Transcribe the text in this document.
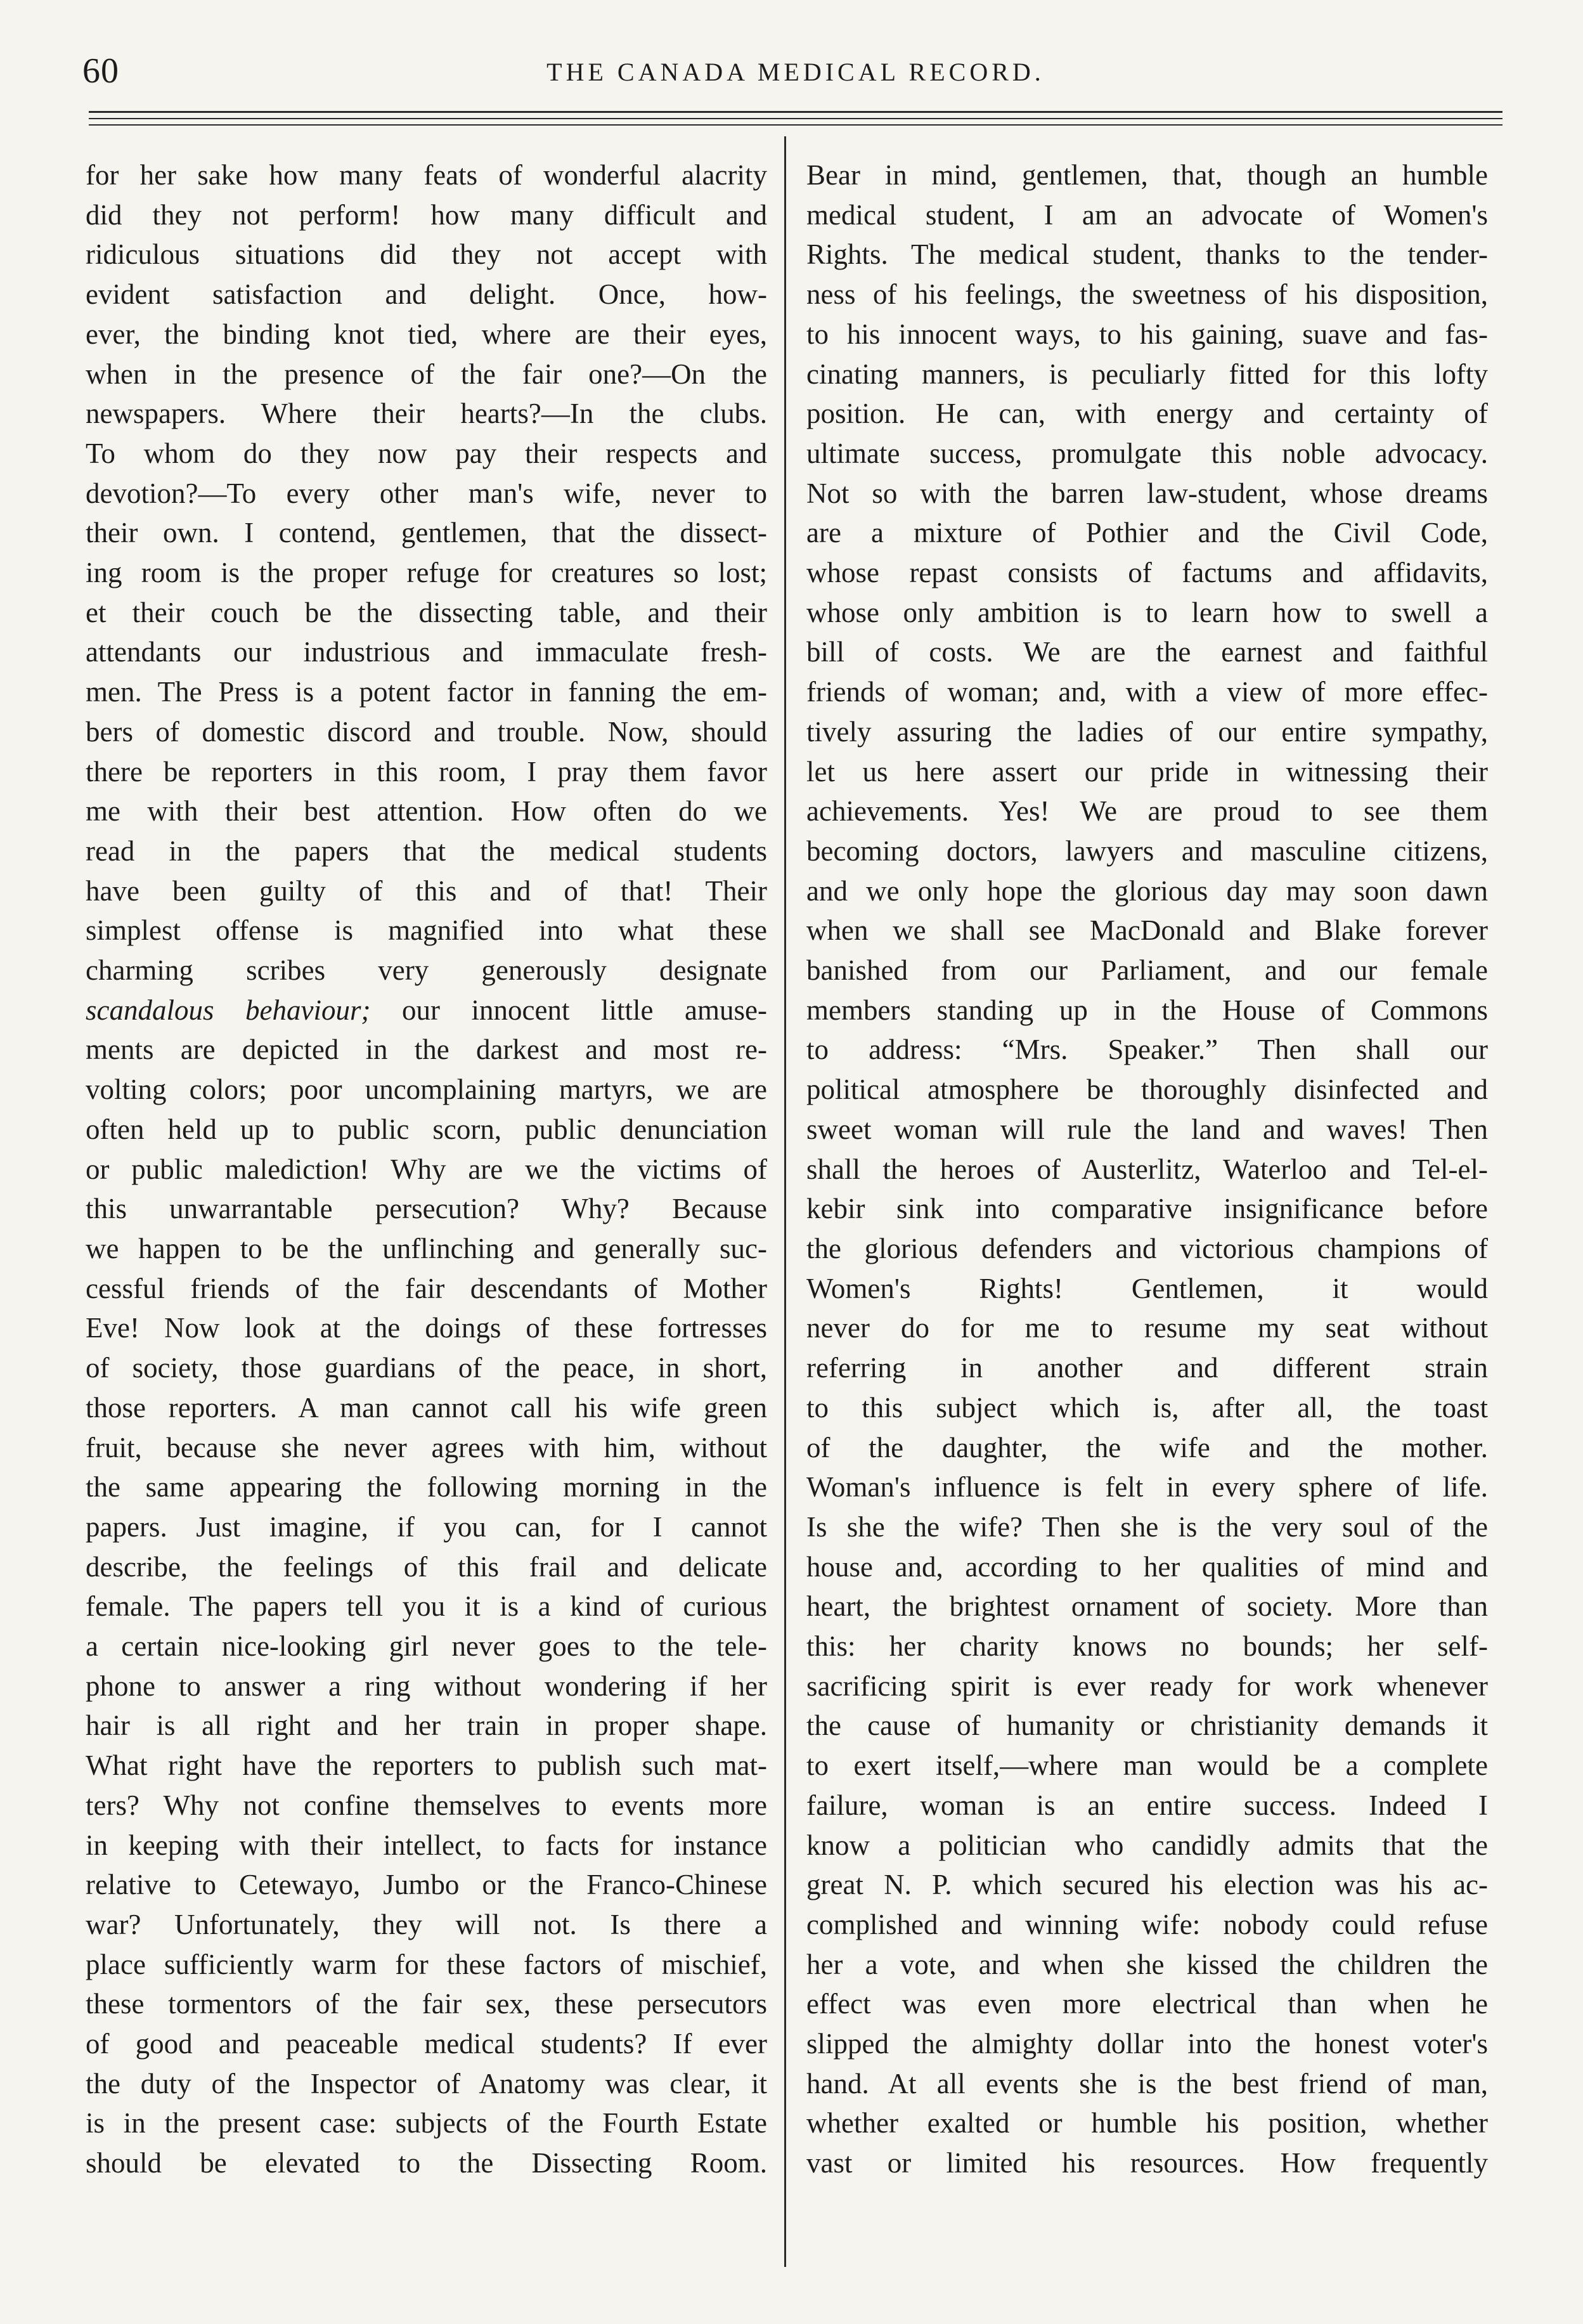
60	THE CANADA MEDICAL RECORD.
for her sake how many feats of wonderful alacrity
did they not perform! how many difficult and
ridiculous situations did they not accept with
evident satisfaction and delight. Once, how-
ever, the binding knot tied, where are their eyes,
when in the presence of the fair one?—On the
newspapers. Where their hearts?—In the clubs.
To whom do they now pay their respects and
devotion?—To every other man's wife, never to
their own. I contend, gentlemen, that the dissect-
ing room is the proper refuge for creatures so lost;
et their couch be the dissecting table, and their
attendants our industrious and immaculate fresh-
men. The Press is a potent factor in fanning the em-
bers of domestic discord and trouble. Now, should
there be reporters in this room, I pray them favor
me with their best attention. How often do we
read in the papers that the medical students
have been guilty of this and of that! Their
simplest offense is magnified into what these
charming scribes very generously designate
scandalous behaviour; our innocent little amuse-
ments are depicted in the darkest and most re-
volting colors; poor uncomplaining martyrs, we are
often held up to public scorn, public denunciation
or public malediction! Why are we the victims of
this unwarrantable persecution? Why? Because
we happen to be the unflinching and generally suc-
cessful friends of the fair descendants of Mother
Eve! Now look at the doings of these fortresses
of society, those guardians of the peace, in short,
those reporters. A man cannot call his wife green
fruit, because she never agrees with him, without
the same appearing the following morning in the
papers. Just imagine, if you can, for I cannot
describe, the feelings of this frail and delicate
female. The papers tell you it is a kind of curious
a certain nice-looking girl never goes to the tele-
phone to answer a ring without wondering if her
hair is all right and her train in proper shape.
What right have the reporters to publish such mat-
ters? Why not confine themselves to events more
in keeping with their intellect, to facts for instance
relative to Cetewayo, Jumbo or the Franco-Chinese
war? Unfortunately, they will not. Is there a
place sufficiently warm for these factors of mischief,
these tormentors of the fair sex, these persecutors
of good and peaceable medical students? If ever
the duty of the Inspector of Anatomy was clear, it
is in the present case: subjects of the Fourth Estate
should be elevated to the Dissecting Room.
Bear in mind, gentlemen, that, though an humble
medical student, I am an advocate of Women's
Rights. The medical student, thanks to the tender-
ness of his feelings, the sweetness of his disposition,
to his innocent ways, to his gaining, suave and fas-
cinating manners, is peculiarly fitted for this lofty
position. He can, with energy and certainty of
ultimate success, promulgate this noble advocacy.
Not so with the barren law-student, whose dreams
are a mixture of Pothier and the Civil Code,
whose repast consists of factums and affidavits,
whose only ambition is to learn how to swell a
bill of costs. We are the earnest and faithful
friends of woman; and, with a view of more effec-
tively assuring the ladies of our entire sympathy,
let us here assert our pride in witnessing their
achievements. Yes! We are proud to see them
becoming doctors, lawyers and masculine citizens,
and we only hope the glorious day may soon dawn
when we shall see MacDonald and Blake forever
banished from our Parliament, and our female
members standing up in the House of Commons
to address: “Mrs. Speaker.” Then shall our
political atmosphere be thoroughly disinfected and
sweet woman will rule the land and waves! Then
shall the heroes of Austerlitz, Waterloo and Tel-el-
kebir sink into comparative insignificance before
the glorious defenders and victorious champions of
Women's Rights! Gentlemen, it would
never do for me to resume my seat without
referring in another and different strain
to this subject which is, after all, the toast
of the daughter, the wife and the mother.
Woman's influence is felt in every sphere of life.
Is she the wife? Then she is the very soul of the
house and, according to her qualities of mind and
heart, the brightest ornament of society. More than
this: her charity knows no bounds; her self-
sacrificing spirit is ever ready for work whenever
the cause of humanity or christianity demands it
to exert itself,—where man would be a complete
failure, woman is an entire success. Indeed I
know a politician who candidly admits that the
great N. P. which secured his election was his ac-
complished and winning wife: nobody could refuse
her a vote, and when she kissed the children the
effect was even more electrical than when he
slipped the almighty dollar into the honest voter's
hand. At all events she is the best friend of man,
whether exalted or humble his position, whether
vast or limited his resources. How frequently
